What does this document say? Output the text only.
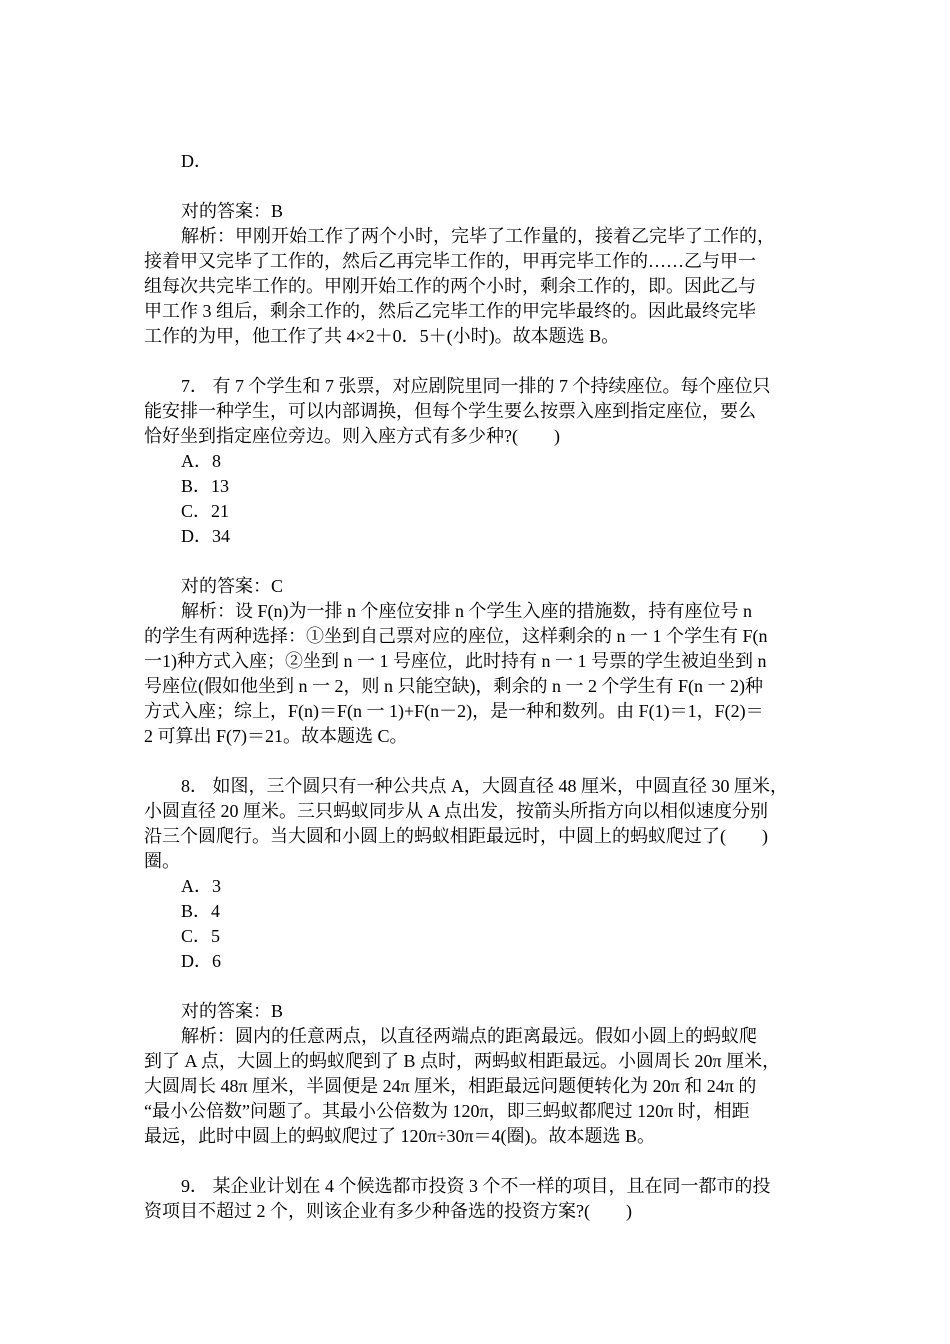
D．
对的答案：B
解析：甲刚开始工作了两个小时，完毕了工作量的，接着乙完毕了工作的，
接着甲又完毕了工作的，然后乙再完毕工作的，甲再完毕工作的……乙与甲一
组每次共完毕工作的。甲刚开始工作的两个小时，剩余工作的，即。因此乙与
甲工作 3 组后，剩余工作的，然后乙完毕工作的甲完毕最终的。因此最终完毕
工作的为甲，他工作了共 4×2＋0．5＋(小时)。故本题选 B。
7． 有 7 个学生和 7 张票，对应剧院里同一排的 7 个持续座位。每个座位只
能安排一种学生，可以内部调换，但每个学生要么按票入座到指定座位，要么
恰好坐到指定座位旁边。则入座方式有多少种?(　　)
A．8
B．13
C．21
D．34
对的答案：C
解析：设 F(n)为一排 n 个座位安排 n 个学生入座的措施数，持有座位号 n
的学生有两种选择：①坐到自己票对应的座位，这样剩余的 n 一 1 个学生有 F(n
一1)种方式入座；②坐到 n 一 1 号座位，此时持有 n 一 1 号票的学生被迫坐到 n
号座位(假如他坐到 n 一 2，则 n 只能空缺)，剩余的 n 一 2 个学生有 F(n 一 2)种
方式入座；综上，F(n)＝F(n 一 1)+F(n－2)，是一种和数列。由 F(1)＝1，F(2)＝
2 可算出 F(7)＝21。故本题选 C。
8． 如图，三个圆只有一种公共点 A，大圆直径 48 厘米，中圆直径 30 厘米，
小圆直径 20 厘米。三只蚂蚁同步从 A 点出发，按箭头所指方向以相似速度分别
沿三个圆爬行。当大圆和小圆上的蚂蚁相距最远时，中圆上的蚂蚁爬过了(　　)
圈。
A．3
B．4
C．5
D．6
对的答案：B
解析：圆内的任意两点，以直径两端点的距离最远。假如小圆上的蚂蚁爬
到了 A 点，大圆上的蚂蚁爬到了 B 点时，两蚂蚁相距最远。小圆周长 20π 厘米，
大圆周长 48π 厘米，半圆便是 24π 厘米，相距最远问题便转化为 20π 和 24π 的
“最小公倍数”问题了。其最小公倍数为 120π，即三蚂蚁都爬过 120π 时，相距
最远，此时中圆上的蚂蚁爬过了 120π÷30π＝4(圈)。故本题选 B。
9． 某企业计划在 4 个候选都市投资 3 个不一样的项目，且在同一都市的投
资项目不超过 2 个，则该企业有多少种备选的投资方案?(　　)
